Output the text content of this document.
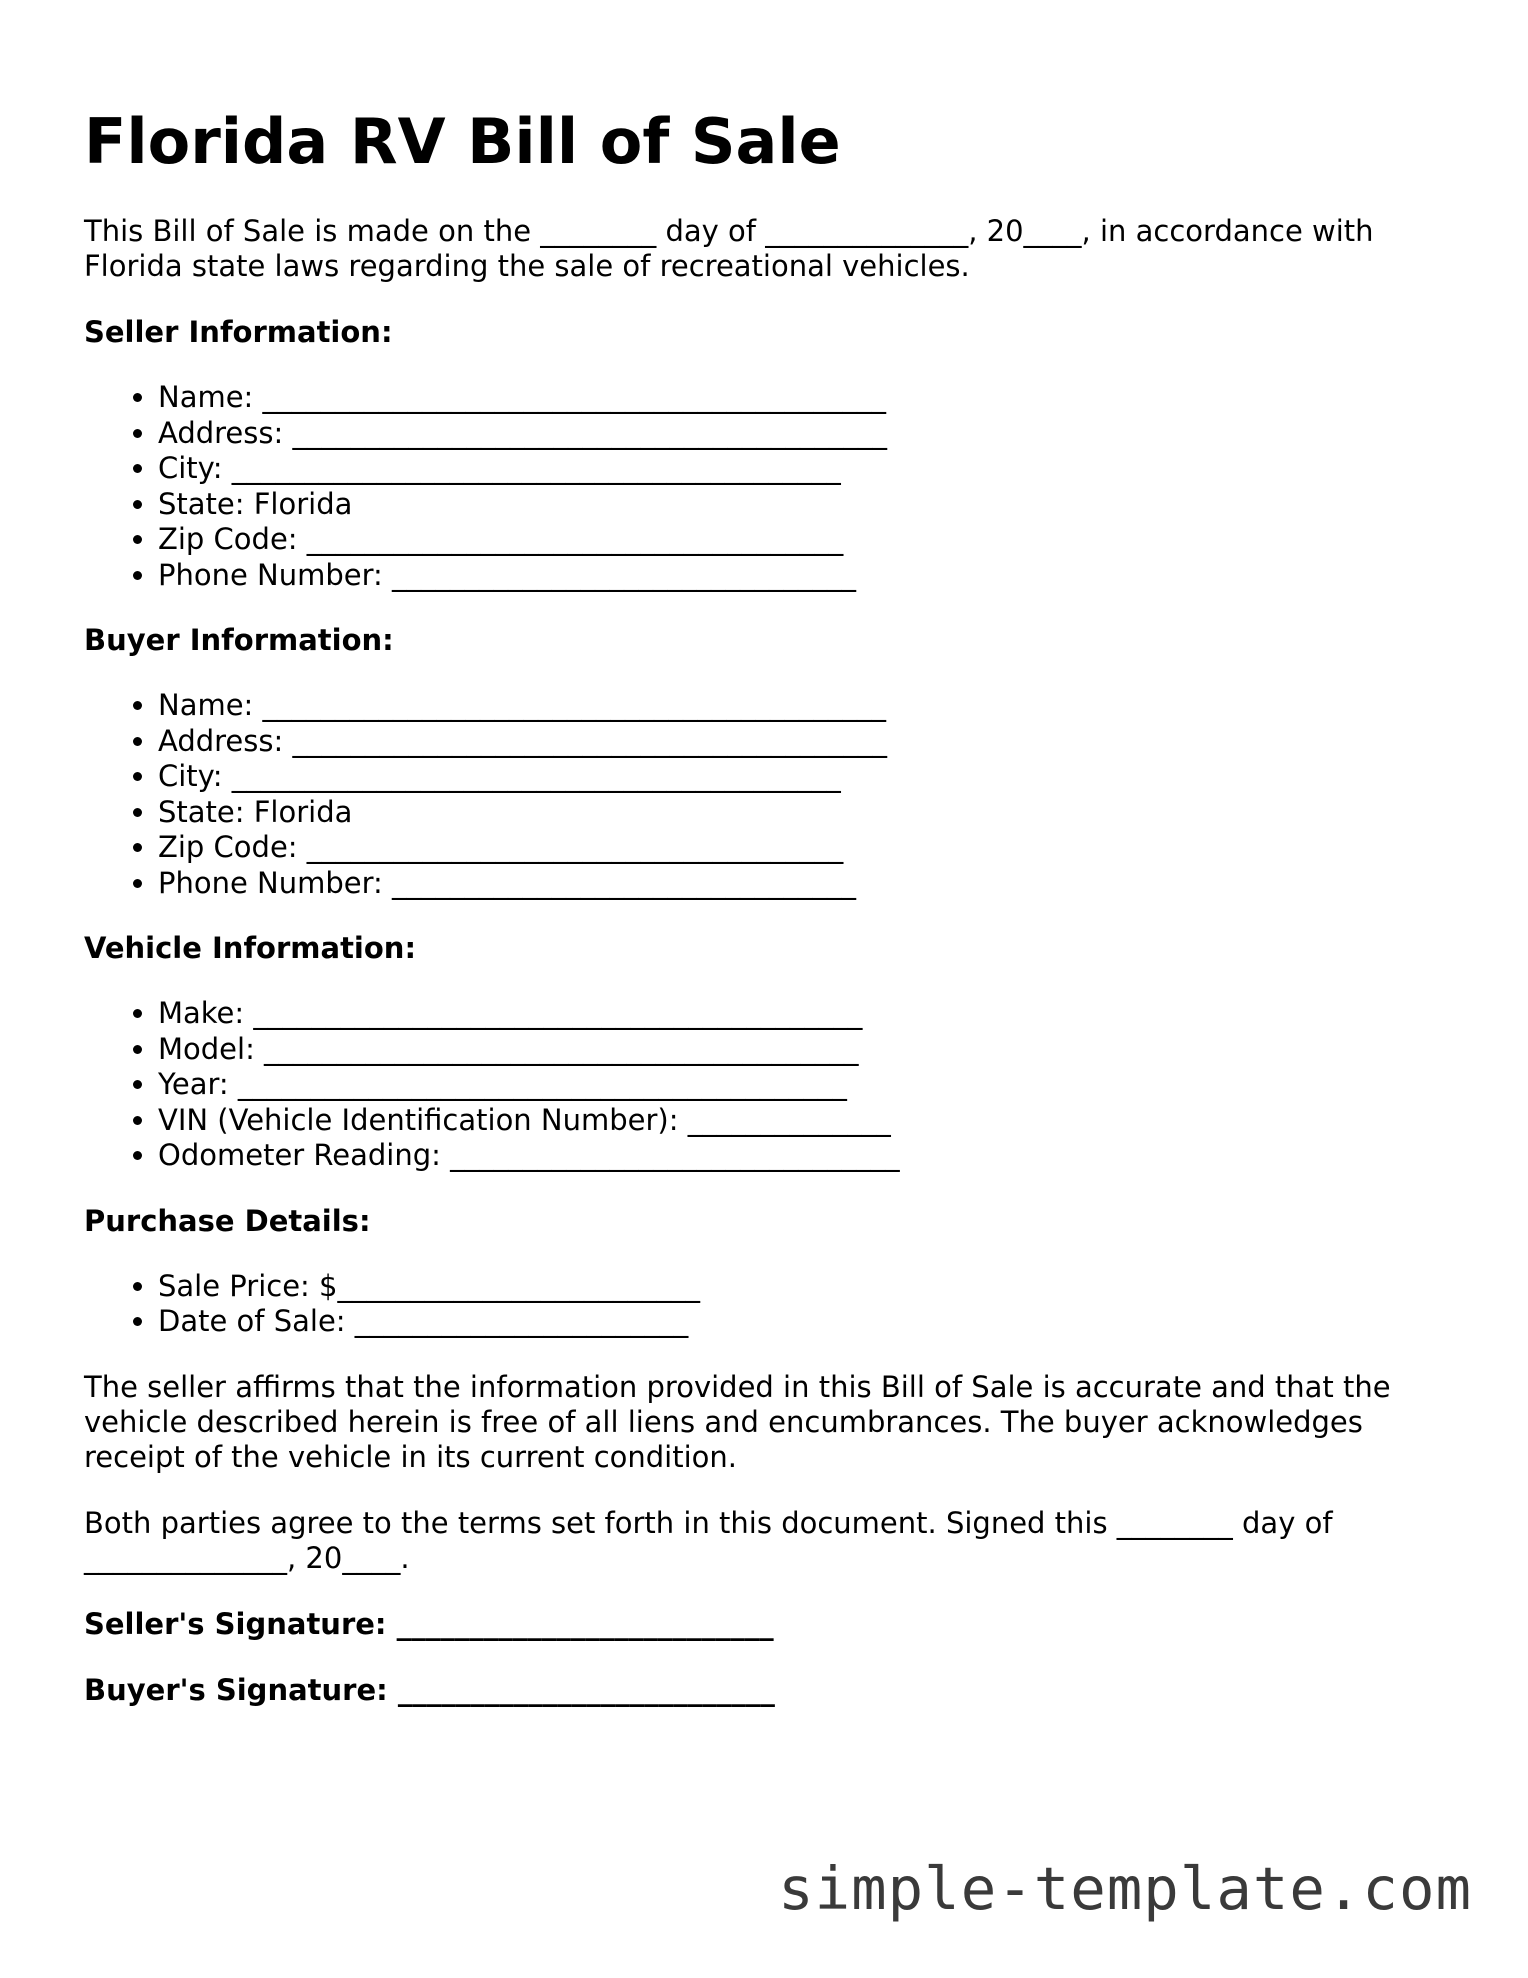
Florida RV Bill of Sale

This Bill of Sale is made on the ________ day of ______________, 20____, in accordance with Florida state laws regarding the sale of recreational vehicles.

Seller Information:
• Name: ___________________________________________
• Address: _________________________________________
• City: __________________________________________
• State: Florida
• Zip Code: _____________________________________
• Phone Number: ________________________________
Buyer Information:
• Name: ___________________________________________
• Address: _________________________________________
• City: __________________________________________
• State: Florida
• Zip Code: _____________________________________
• Phone Number: ________________________________
Vehicle Information:
• Make: __________________________________________
• Model: _________________________________________
• Year: __________________________________________
• VIN (Vehicle Identification Number): ______________
• Odometer Reading: _______________________________
Purchase Details:
• Sale Price: $_________________________
• Date of Sale: _______________________

The seller affirms that the information provided in this Bill of Sale is accurate and that the vehicle described herein is free of all liens and encumbrances. The buyer acknowledges receipt of the vehicle in its current condition.

Both parties agree to the terms set forth in this document. Signed this ________ day of ______________, 20____.

Seller's Signature: __________________________
Buyer's Signature: __________________________
simple-template.com
